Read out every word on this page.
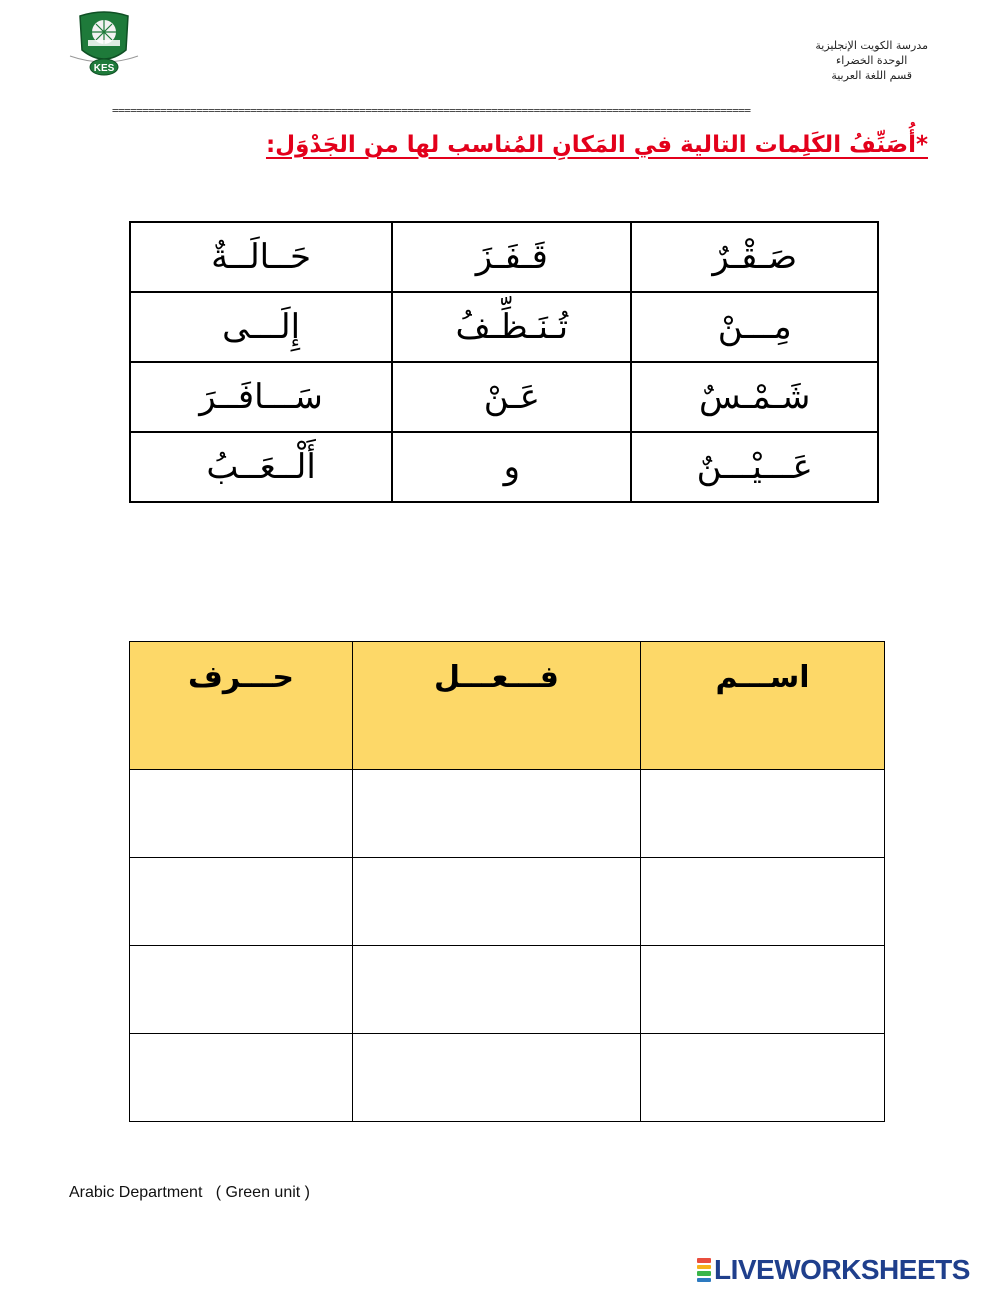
KES
مدرسة الكويت الإنجليزية
الوحدة الخضراء
قسم اللغة العربية
==========================================================================================================
*أُصَنِّفُ الكَلِمات التالية في المَكانِ المُناسب لها من الجَدْوَل:
صَـقْـرٌ	قَـفَـزَ	حَــالَــةٌ
مِـــنْ	تُـنَـظِّـفُ	إِلَـــى
شَـمْـسٌ	عَـنْ	سَـــافَــرَ
عَـــيْـــنٌ	و	أَلْــعَــبُ
اســـم	فـــعـــل	حـــرف

Arabic Department   ( Green unit )
LIVEWORKSHEETS
